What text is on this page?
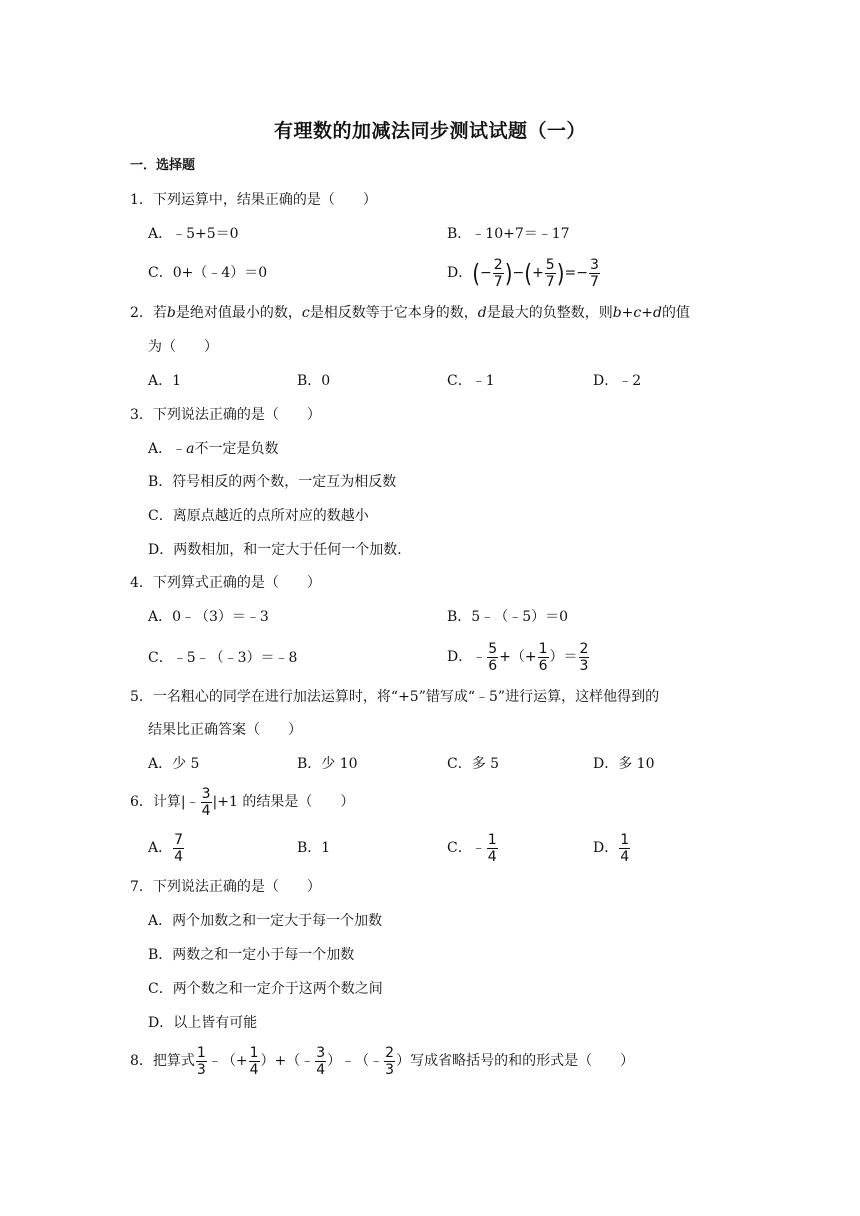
有理数的加减法同步测试试题（一）
一．选择题
1．下列运算中，结果正确的是（　　）
A．﹣5+5＝0	B．﹣10+7＝﹣17
C．0+（﹣4）＝0	D．(− $\frac{2}{7}$ )−(+ $\frac{5}{7}$ )=− $\frac{3}{7}$
2．若b是绝对值最小的数，c是相反数等于它本身的数，d是最大的负整数，则b+c+d的值
为（　　）
A．1	B．0	C．﹣1	D．﹣2
3．下列说法正确的是（　　）
A．﹣a不一定是负数
B．符号相反的两个数，一定互为相反数
C．离原点越近的点所对应的数越小
D．两数相加，和一定大于任何一个加数．
4．下列算式正确的是（　　）
A．0﹣（3）＝﹣3	B．5﹣（﹣5）＝0
C．﹣5﹣（﹣3）＝﹣8	D．﹣ $\frac{5}{6}$ +（+ $\frac{1}{6}$ ）＝ $\frac{2}{3}$
5．一名粗心的同学在进行加法运算时，将“+5”错写成“﹣5”进行运算，这样他得到的
结果比正确答案（　　）
A．少 5	B．少 10	C．多 5	D．多 10
6．计算|﹣ $\frac{3}{4} |+1$ 的结果是（　　）
A． $\frac{7}{4}$	B．1	C．﹣ $\frac{1}{4}$	D． $\frac{1}{4}$
7．下列说法正确的是（　　）
A．两个加数之和一定大于每一个加数
B．两数之和一定小于每一个加数
C．两个数之和一定介于这两个数之间
D．以上皆有可能
8．把算式 $\frac{1}{3}$ ﹣（+ $\frac{1}{4}$ ）+（﹣ $\frac{3}{4}$ ）﹣（﹣ $\frac{2}{3}$ ）写成省略括号的和的形式是（　　）
